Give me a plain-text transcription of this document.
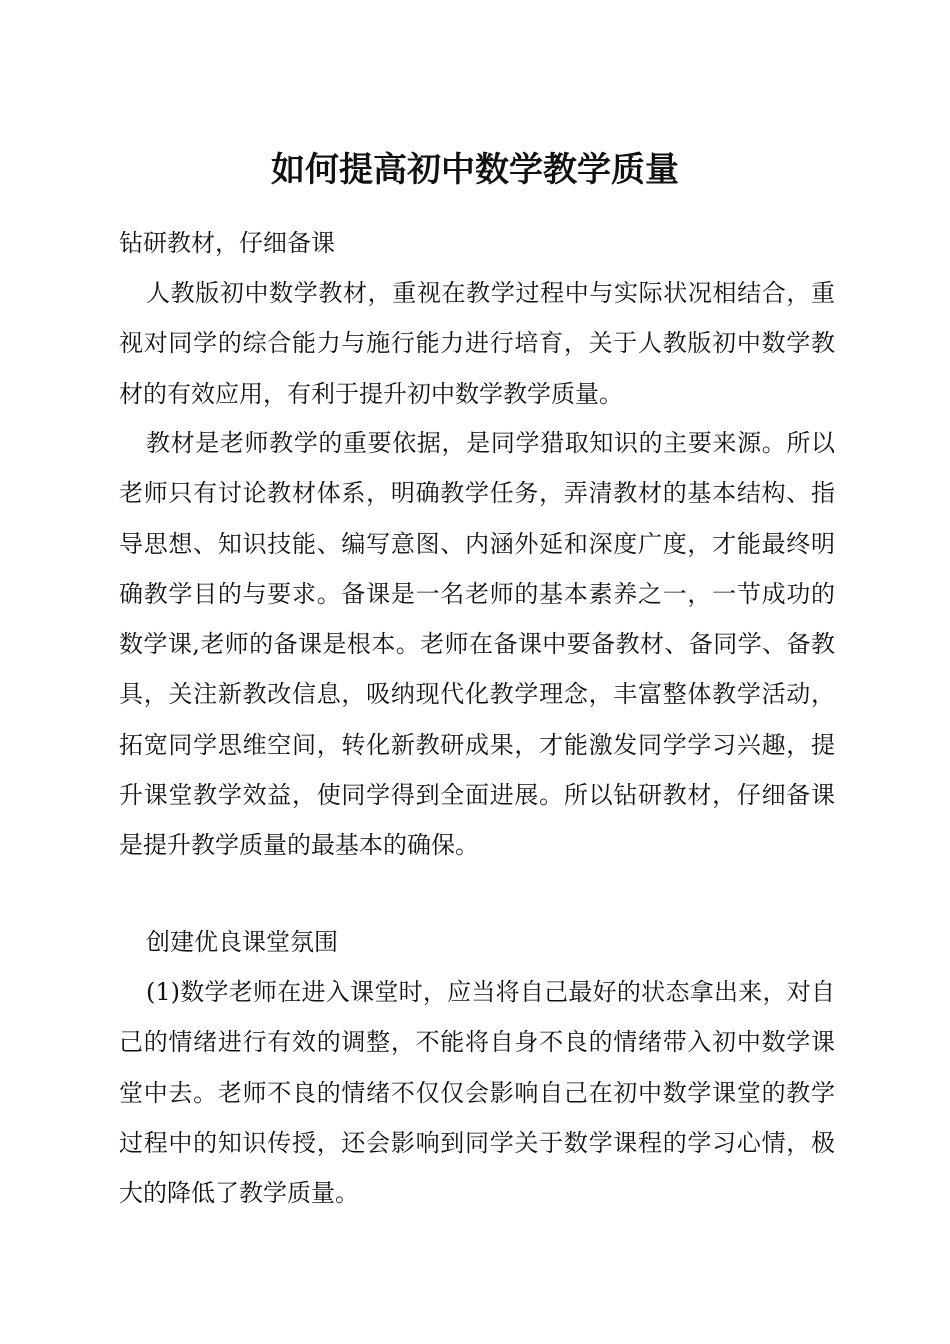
如何提高初中数学教学质量

钻研教材，仔细备课

人教版初中数学教材，重视在教学过程中与实际状况相结合，重视对同学的综合能力与施行能力进行培育，关于人教版初中数学教材的有效应用，有利于提升初中数学教学质量。

教材是老师教学的重要依据，是同学猎取知识的主要来源。所以老师只有讨论教材体系，明确教学任务，弄清教材的基本结构、指导思想、知识技能、编写意图、内涵外延和深度广度，才能最终明确教学目的与要求。备课是一名老师的基本素养之一，一节成功的数学课,老师的备课是根本。老师在备课中要备教材、备同学、备教具，关注新教改信息，吸纳现代化教学理念，丰富整体教学活动，拓宽同学思维空间，转化新教研成果，才能激发同学学习兴趣，提升课堂教学效益，使同学得到全面进展。所以钻研教材，仔细备课是提升教学质量的最基本的确保。

创建优良课堂氛围

(1)数学老师在进入课堂时，应当将自己最好的状态拿出来，对自己的情绪进行有效的调整，不能将自身不良的情绪带入初中数学课堂中去。老师不良的情绪不仅仅会影响自己在初中数学课堂的教学过程中的知识传授，还会影响到同学关于数学课程的学习心情，极大的降低了教学质量。
